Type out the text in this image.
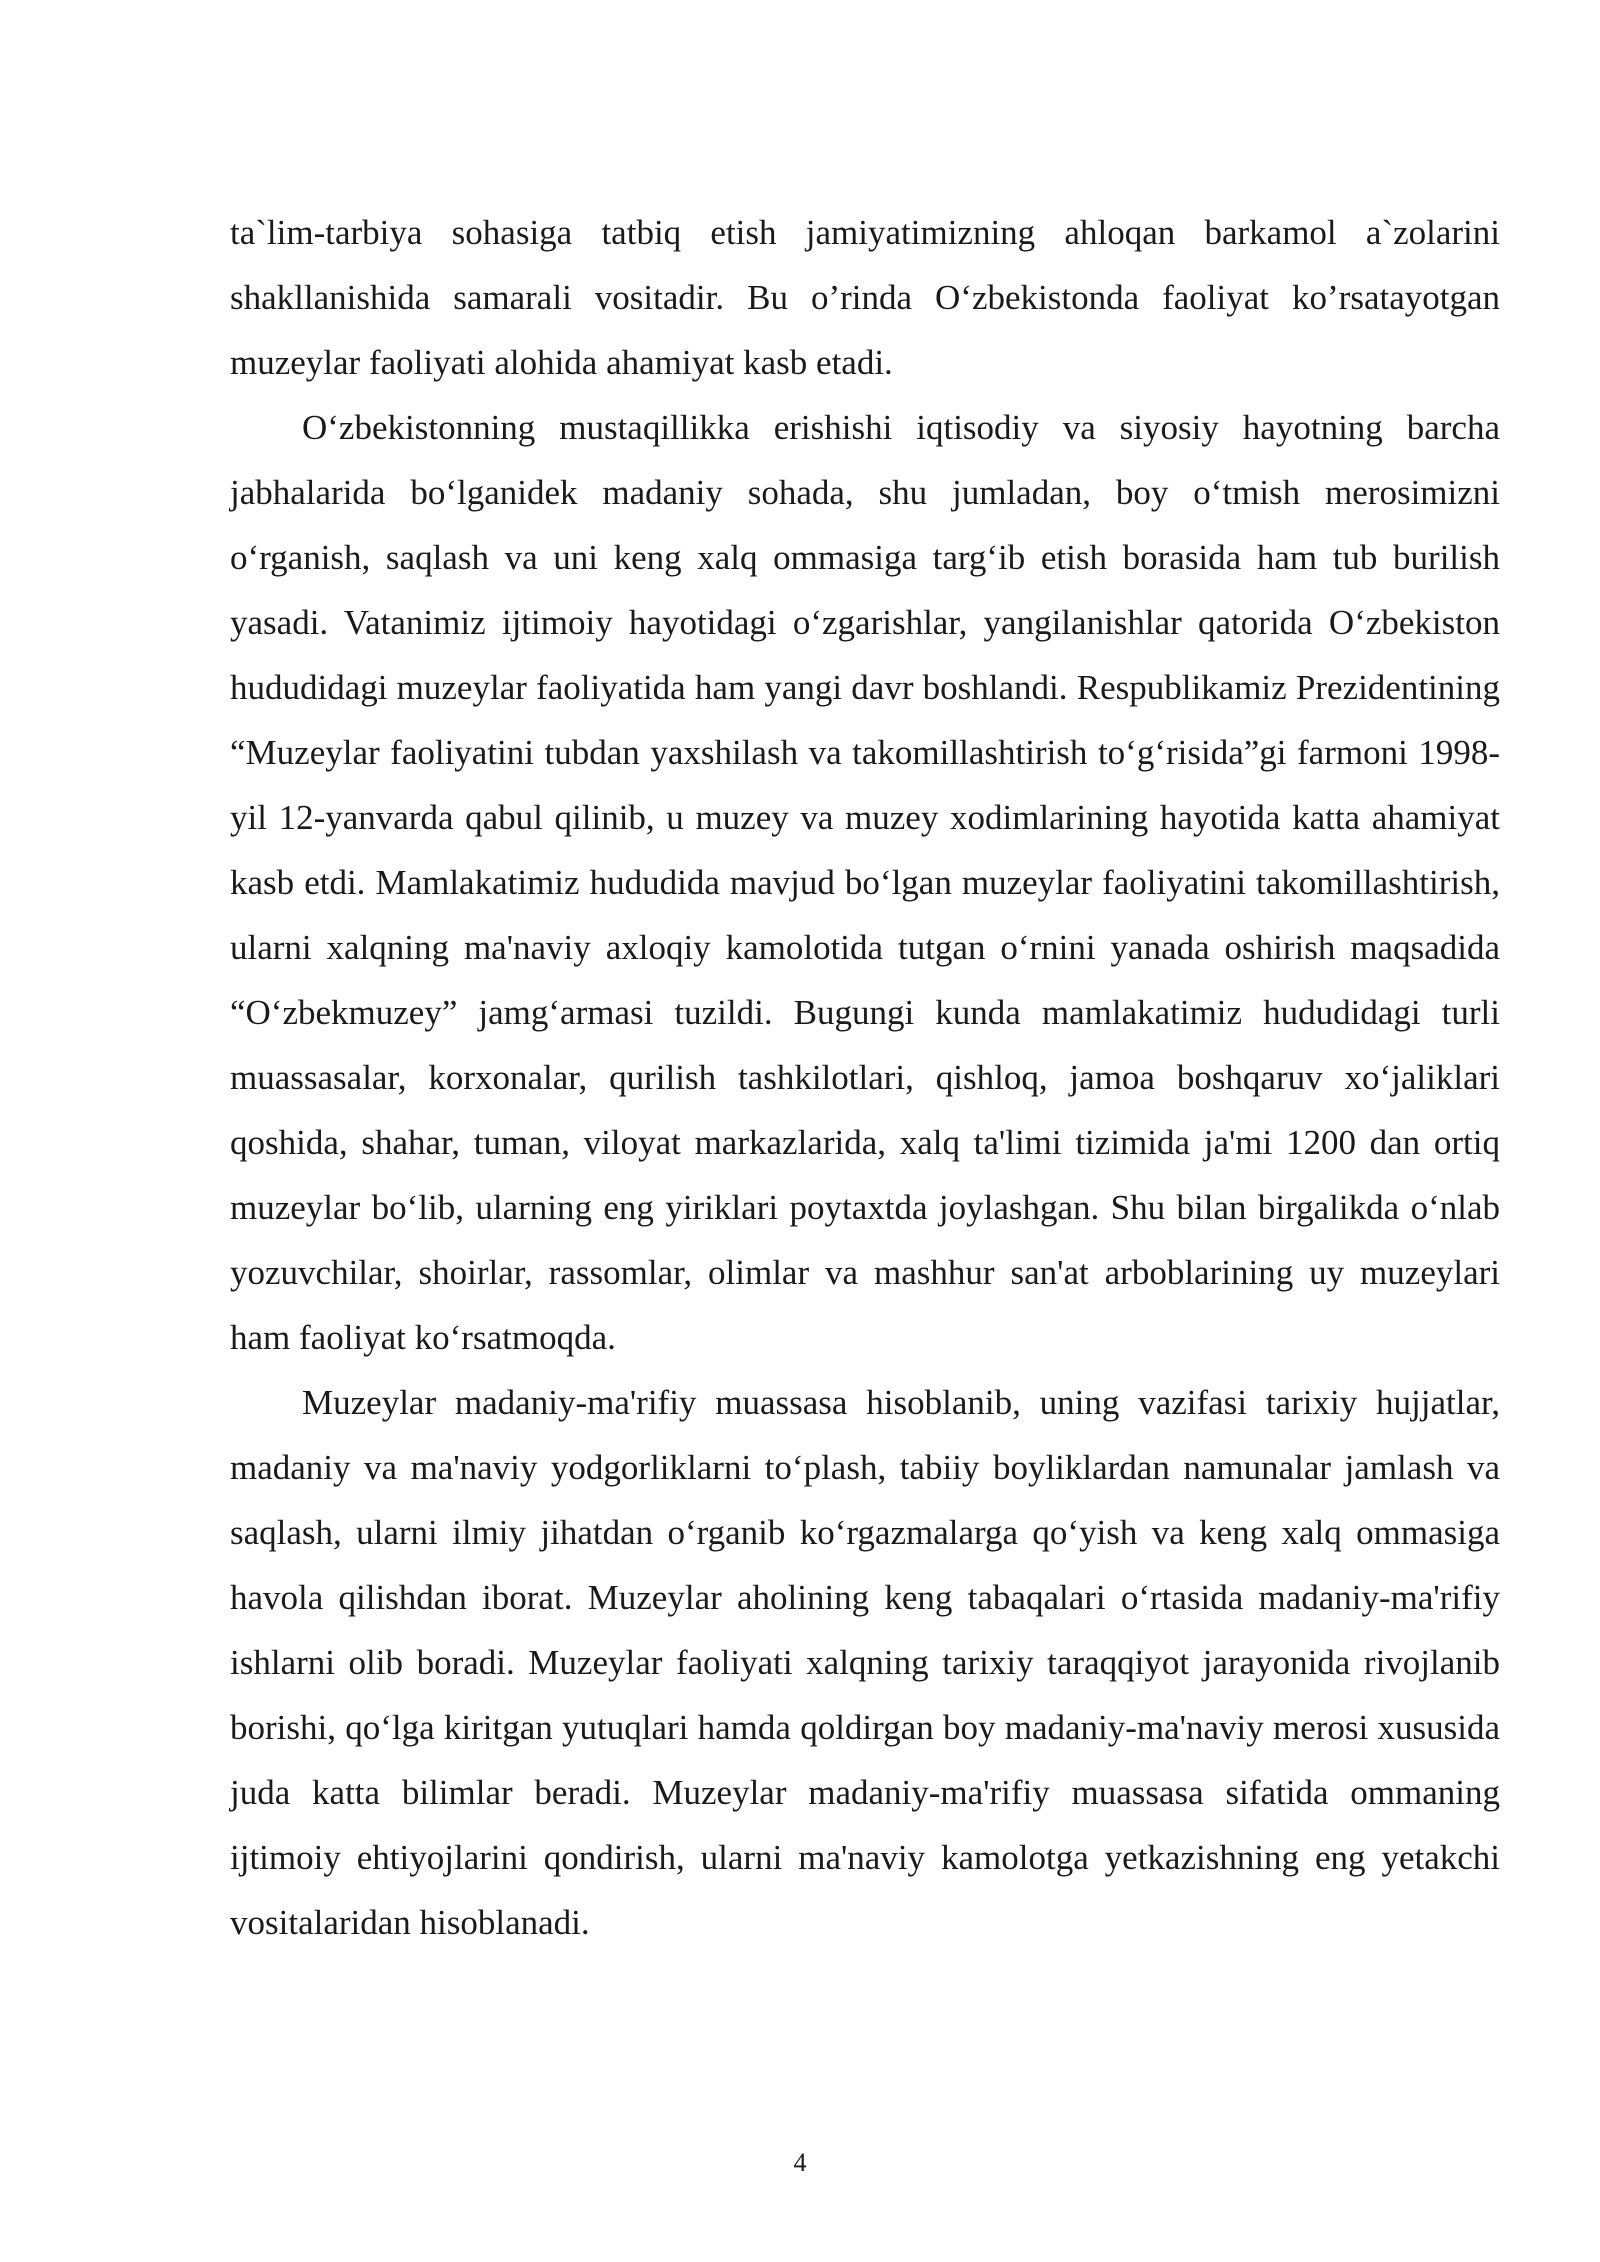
ta`lim-tarbiya sohasiga tatbiq etish jamiyatimizning ahloqan barkamol a`zolarini shakllanishida samarali vositadir. Bu o’rinda O‘zbekistonda faoliyat ko’rsatayotgan muzeylar faoliyati alohida ahamiyat kasb etadi.

O‘zbekistonning mustaqillikka erishishi iqtisodiy va siyosiy hayotning barcha jabhalarida bo‘lganidek madaniy sohada, shu jumladan, boy o‘tmish merosimizni o‘rganish, saqlash va uni keng xalq ommasiga targ‘ib etish borasida ham tub burilish yasadi. Vatanimiz ijtimoiy hayotidagi o‘zgarishlar, yangilanishlar qatorida O‘zbekiston hududidagi muzeylar faoliyatida ham yangi davr boshlandi. Respublikamiz Prezidentining “Muzeylar faoliyatini tubdan yaxshilash va takomillashtirish to‘g‘risida”gi farmoni 1998-yil 12-yanvarda qabul qilinib, u muzey va muzey xodimlarining hayotida katta ahamiyat kasb etdi. Mamlakatimiz hududida mavjud bo‘lgan muzeylar faoliyatini takomillashtirish, ularni xalqning ma'naviy axloqiy kamolotida tutgan o‘rnini yanada oshirish maqsadida “O‘zbekmuzey” jamg‘armasi tuzildi. Bugungi kunda mamlakatimiz hududidagi turli muassasalar, korxonalar, qurilish tashkilotlari, qishloq, jamoa boshqaruv xo‘jaliklari qoshida, shahar, tuman, viloyat markazlarida, xalq ta'limi tizimida ja'mi 1200 dan ortiq muzeylar bo‘lib, ularning eng yiriklari poytaxtda joylashgan. Shu bilan birgalikda o‘nlab yozuvchilar, shoirlar, rassomlar, olimlar va mashhur san'at arboblarining uy muzeylari ham faoliyat ko‘rsatmoqda.

Muzeylar madaniy-ma'rifiy muassasa hisoblanib, uning vazifasi tarixiy hujjatlar, madaniy va ma'naviy yodgorliklarni to‘plash, tabiiy boyliklardan namunalar jamlash va saqlash, ularni ilmiy jihatdan o‘rganib ko‘rgazmalarga qo‘yish va keng xalq ommasiga havola qilishdan iborat. Muzeylar aholining keng tabaqalari o‘rtasida madaniy-ma'rifiy ishlarni olib boradi. Muzeylar faoliyati xalqning tarixiy taraqqiyot jarayonida rivojlanib borishi, qo‘lga kiritgan yutuqlari hamda qoldirgan boy madaniy-ma'naviy merosi xususida juda katta bilimlar beradi. Muzeylar madaniy-ma'rifiy muassasa sifatida ommaning ijtimoiy ehtiyojlarini qondirish, ularni ma'naviy kamolotga yetkazishning eng yetakchi vositalaridan hisoblanadi.

4
